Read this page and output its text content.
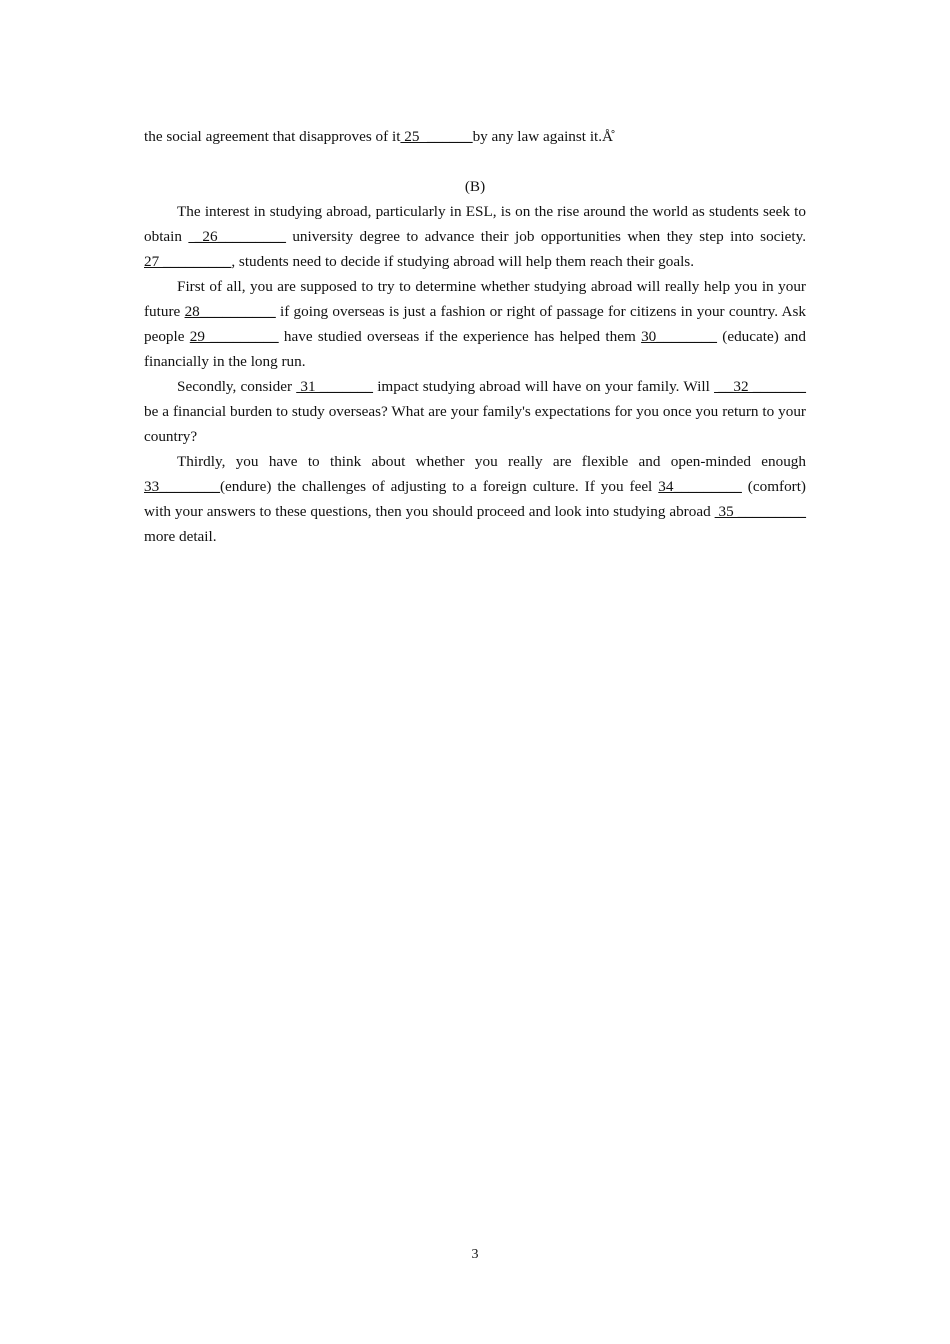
the social agreement that disapproves of it 25  ______by any law against it.Å̊

(B)

The interest in studying abroad, particularly in ESL, is on the rise around the world as students seek to obtain  _26_________ university degree to advance their job opportunities when they step into society. 27 _________, students need to decide if studying abroad will help them reach their goals.

First of all, you are supposed to try to determine whether studying abroad will really help you in your future 28__________ if going overseas is just a fashion or right of passage for citizens in your country. Ask people 29 _________ have studied overseas if the experience has helped them 30________ (educate) and financially in the long run.

Secondly, consider  31 _______ impact studying abroad will have on your family. Will  __32 _______ be a financial burden to study overseas? What are your family's expectations for you once you return to your country?

Thirdly, you have to think about whether you really are flexible and open-minded enough 33________(endure) the challenges of adjusting to a foreign culture. If you feel 34_________ (comfort) with your answers to these questions, then you should proceed and look into studying abroad  35 _________ more detail.

3
